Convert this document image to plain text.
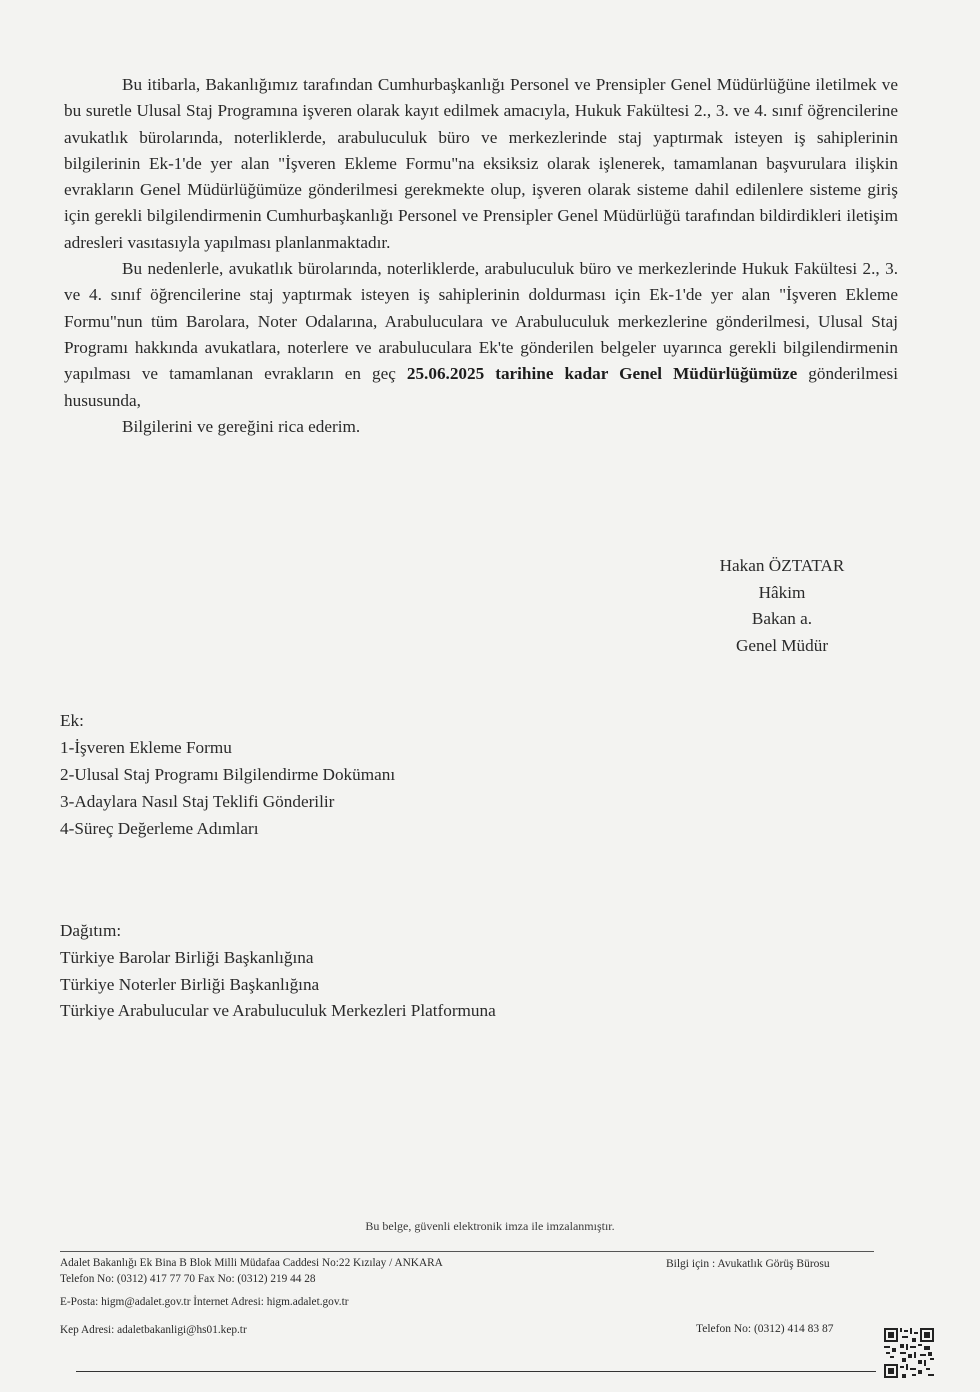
Bu itibarla, Bakanlığımız tarafından Cumhurbaşkanlığı Personel ve Prensipler Genel Müdürlüğüne iletilmek ve bu suretle Ulusal Staj Programına işveren olarak kayıt edilmek amacıyla, Hukuk Fakültesi 2., 3. ve 4. sınıf öğrencilerine avukatlık bürolarında, noterliklerde, arabuluculuk büro ve merkezlerinde staj yaptırmak isteyen iş sahiplerinin bilgilerinin Ek-1'de yer alan "İşveren Ekleme Formu"na eksiksiz olarak işlenerek, tamamlanan başvurulara ilişkin evrakların Genel Müdürlüğümüze gönderilmesi gerekmekte olup, işveren olarak sisteme dahil edilenlere sisteme giriş için gerekli bilgilendirmenin Cumhurbaşkanlığı Personel ve Prensipler Genel Müdürlüğü tarafından bildirdikleri iletişim adresleri vasıtasıyla yapılması planlanmaktadır.

Bu nedenlerle, avukatlık bürolarında, noterliklerde, arabuluculuk büro ve merkezlerinde Hukuk Fakültesi 2., 3. ve 4. sınıf öğrencilerine staj yaptırmak isteyen iş sahiplerinin doldurması için Ek-1'de yer alan "İşveren Ekleme Formu"nun tüm Barolara, Noter Odalarına, Arabuluculara ve Arabuluculuk merkezlerine gönderilmesi, Ulusal Staj Programı hakkında avukatlara, noterlere ve arabuluculara Ek'te gönderilen belgeler uyarınca gerekli bilgilendirmenin yapılması ve tamamlanan evrakların en geç 25.06.2025 tarihine kadar Genel Müdürlüğümüze gönderilmesi hususunda,

Bilgilerini ve gereğini rica ederim.

Hakan ÖZTATAR
Hâkim
Bakan a.
Genel Müdür
Ek:
1-İşveren Ekleme Formu
2-Ulusal Staj Programı Bilgilendirme Dokümanı
3-Adaylara Nasıl Staj Teklifi Gönderilir
4-Süreç Değerleme Adımları
Dağıtım:
Türkiye Barolar Birliği Başkanlığına
Türkiye Noterler Birliği Başkanlığına
Türkiye Arabulucular ve Arabuluculuk Merkezleri Platformuna
Bu belge, güvenli elektronik imza ile imzalanmıştır.
Adalet Bakanlığı Ek Bina B Blok Milli Müdafaa Caddesi No:22 Kızılay / ANKARA
Telefon No: (0312) 417 77 70 Fax No: (0312) 219 44 28
E-Posta: higm@adalet.gov.tr İnternet Adresi: higm.adalet.gov.tr
Kep Adresi: adaletbakanligi@hs01.kep.tr
Bilgi için : Avukatlık Görüş Bürosu
Telefon No: (0312) 414 83 87
